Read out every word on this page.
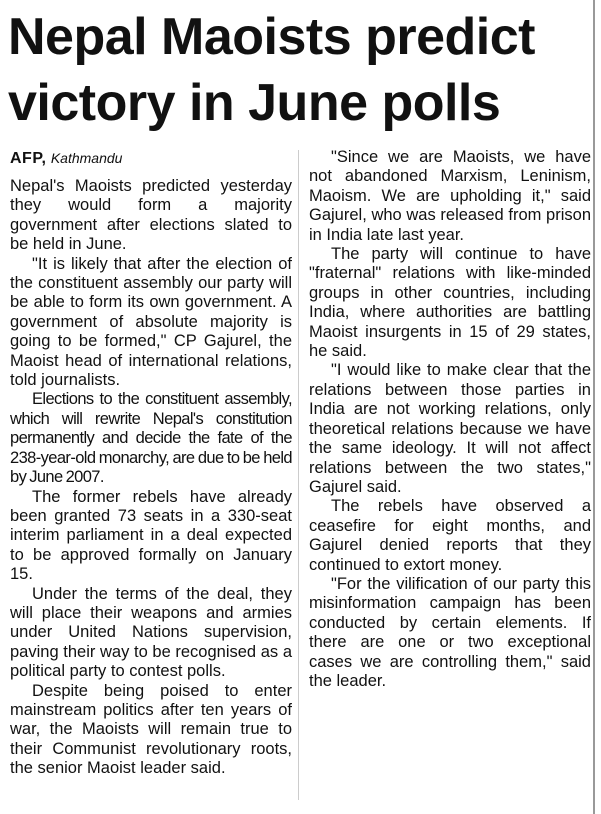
Nepal Maoists predict victory in June polls
AFP, Kathmandu

Nepal's Maoists predicted yesterday they would form a majority government after elections slated to be held in June.

"It is likely that after the election of the constituent assembly our party will be able to form its own government. A government of absolute majority is going to be formed," CP Gajurel, the Maoist head of international relations, told journalists.

Elections to the constituent assembly, which will rewrite Nepal's constitution permanently and decide the fate of the 238-year-old monarchy, are due to be held by June 2007.

The former rebels have already been granted 73 seats in a 330-seat interim parliament in a deal expected to be approved formally on January 15.

Under the terms of the deal, they will place their weapons and armies under United Nations supervision, paving their way to be recognised as a political party to contest polls.

Despite being poised to enter mainstream politics after ten years of war, the Maoists will remain true to their Communist revolutionary roots, the senior Maoist leader said.

"Since we are Maoists, we have not abandoned Marxism, Leninism, Maoism. We are upholding it," said Gajurel, who was released from prison in India late last year.

The party will continue to have "fraternal" relations with like-minded groups in other countries, including India, where authorities are battling Maoist insurgents in 15 of 29 states, he said.

"I would like to make clear that the relations between those parties in India are not working relations, only theoretical relations because we have the same ideology. It will not affect relations between the two states," Gajurel said.

The rebels have observed a ceasefire for eight months, and Gajurel denied reports that they continued to extort money.

"For the vilification of our party this misinformation campaign has been conducted by certain elements. If there are one or two exceptional cases we are controlling them," said the leader.
